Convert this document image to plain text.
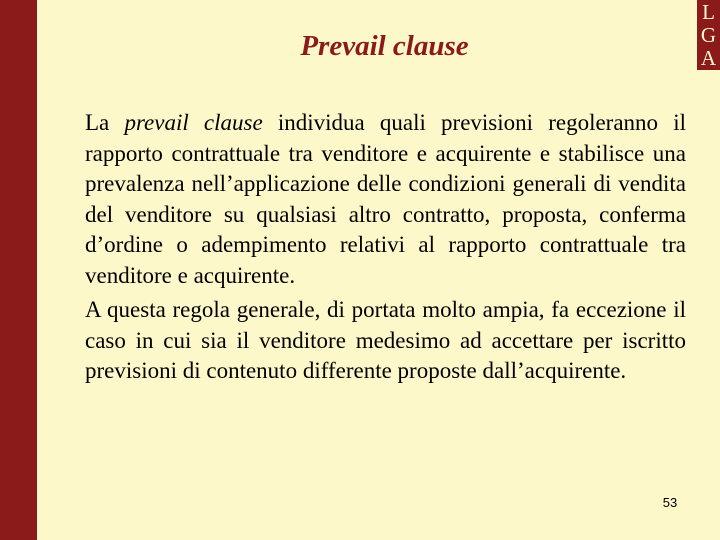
L
G
A
Prevail clause

La prevail clause individua quali previsioni regoleranno il rapporto contrattuale tra venditore e acquirente e stabilisce una prevalenza nell’applicazione delle condizioni generali di vendita del venditore su qualsiasi altro contratto, proposta, conferma d’ordine o adempimento relativi al rapporto contrattuale tra venditore e acquirente.

A questa regola generale, di portata molto ampia, fa eccezione il caso in cui sia il venditore medesimo ad accettare per iscritto previsioni di contenuto differente proposte dall’acquirente.

53
